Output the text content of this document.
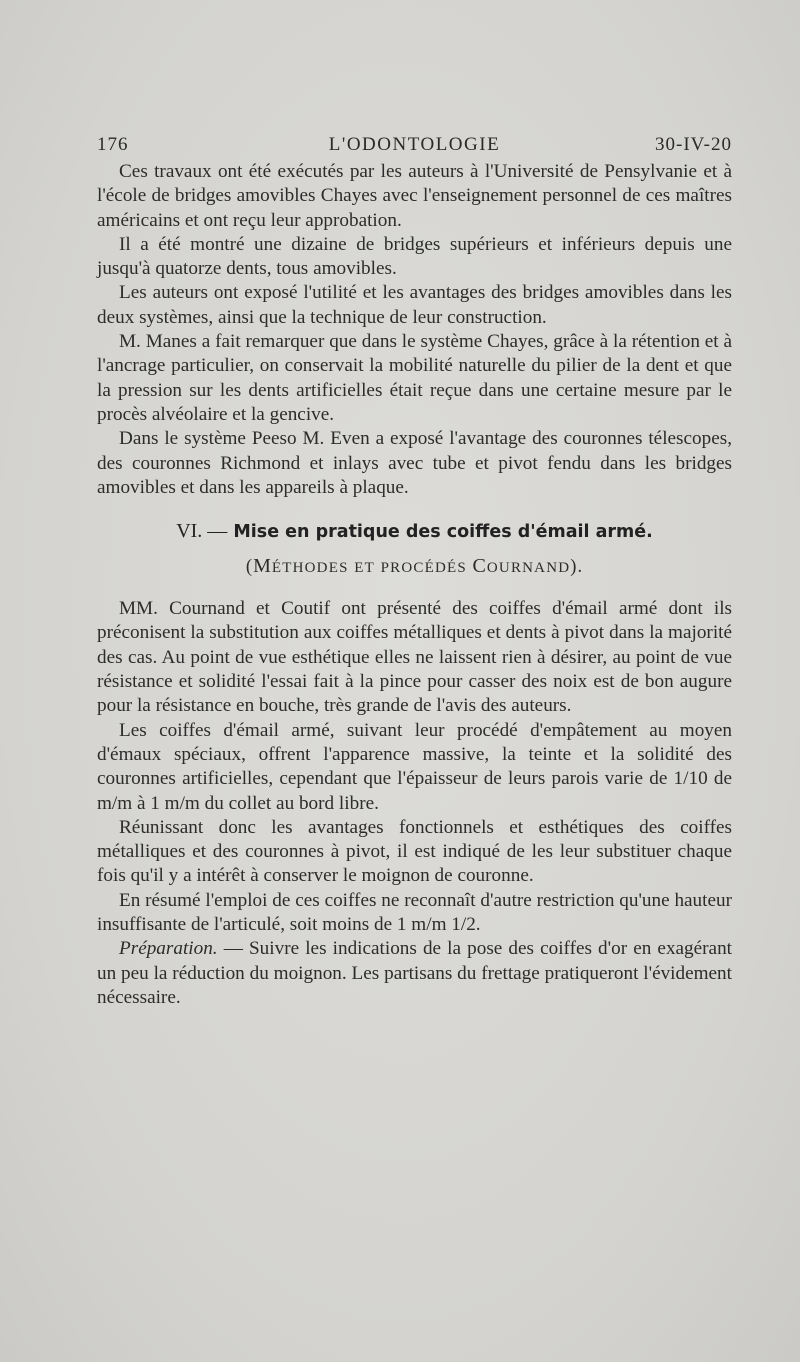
176	L'ODONTOLOGIE	30-IV-20

Ces travaux ont été exécutés par les auteurs à l'Université de Pensylvanie et à l'école de bridges amovibles Chayes avec l'enseignement personnel de ces maîtres américains et ont reçu leur approbation.

Il a été montré une dizaine de bridges supérieurs et inférieurs depuis une jusqu'à quatorze dents, tous amovibles.

Les auteurs ont exposé l'utilité et les avantages des bridges amovibles dans les deux systèmes, ainsi que la technique de leur construction.

M. Manes a fait remarquer que dans le système Chayes, grâce à la rétention et à l'ancrage particulier, on conservait la mobilité naturelle du pilier de la dent et que la pression sur les dents artificielles était reçue dans une certaine mesure par le procès alvéolaire et la gencive.

Dans le système Peeso M. Even a exposé l'avantage des couronnes télescopes, des couronnes Richmond et inlays avec tube et pivot fendu dans les bridges amovibles et dans les appareils à plaque.

VI. — Mise en pratique des coiffes d'émail armé.
(MÉTHODES ET PROCÉDÉS COURNAND).

MM. Cournand et Coutif ont présenté des coiffes d'émail armé dont ils préconisent la substitution aux coiffes métalliques et dents à pivot dans la majorité des cas. Au point de vue esthétique elles ne laissent rien à désirer, au point de vue résistance et solidité l'essai fait à la pince pour casser des noix est de bon augure pour la résistance en bouche, très grande de l'avis des auteurs.

Les coiffes d'émail armé, suivant leur procédé d'empâtement au moyen d'émaux spéciaux, offrent l'apparence massive, la teinte et la solidité des couronnes artificielles, cependant que l'épaisseur de leurs parois varie de 1/10 de m/m à 1 m/m du collet au bord libre.

Réunissant donc les avantages fonctionnels et esthétiques des coiffes métalliques et des couronnes à pivot, il est indiqué de les leur substituer chaque fois qu'il y a intérêt à conserver le moignon de couronne.

En résumé l'emploi de ces coiffes ne reconnaît d'autre restriction qu'une hauteur insuffisante de l'articulé, soit moins de 1 m/m 1/2.

Préparation. — Suivre les indications de la pose des coiffes d'or en exagérant un peu la réduction du moignon. Les partisans du frettage pratiqueront l'évidement nécessaire.
